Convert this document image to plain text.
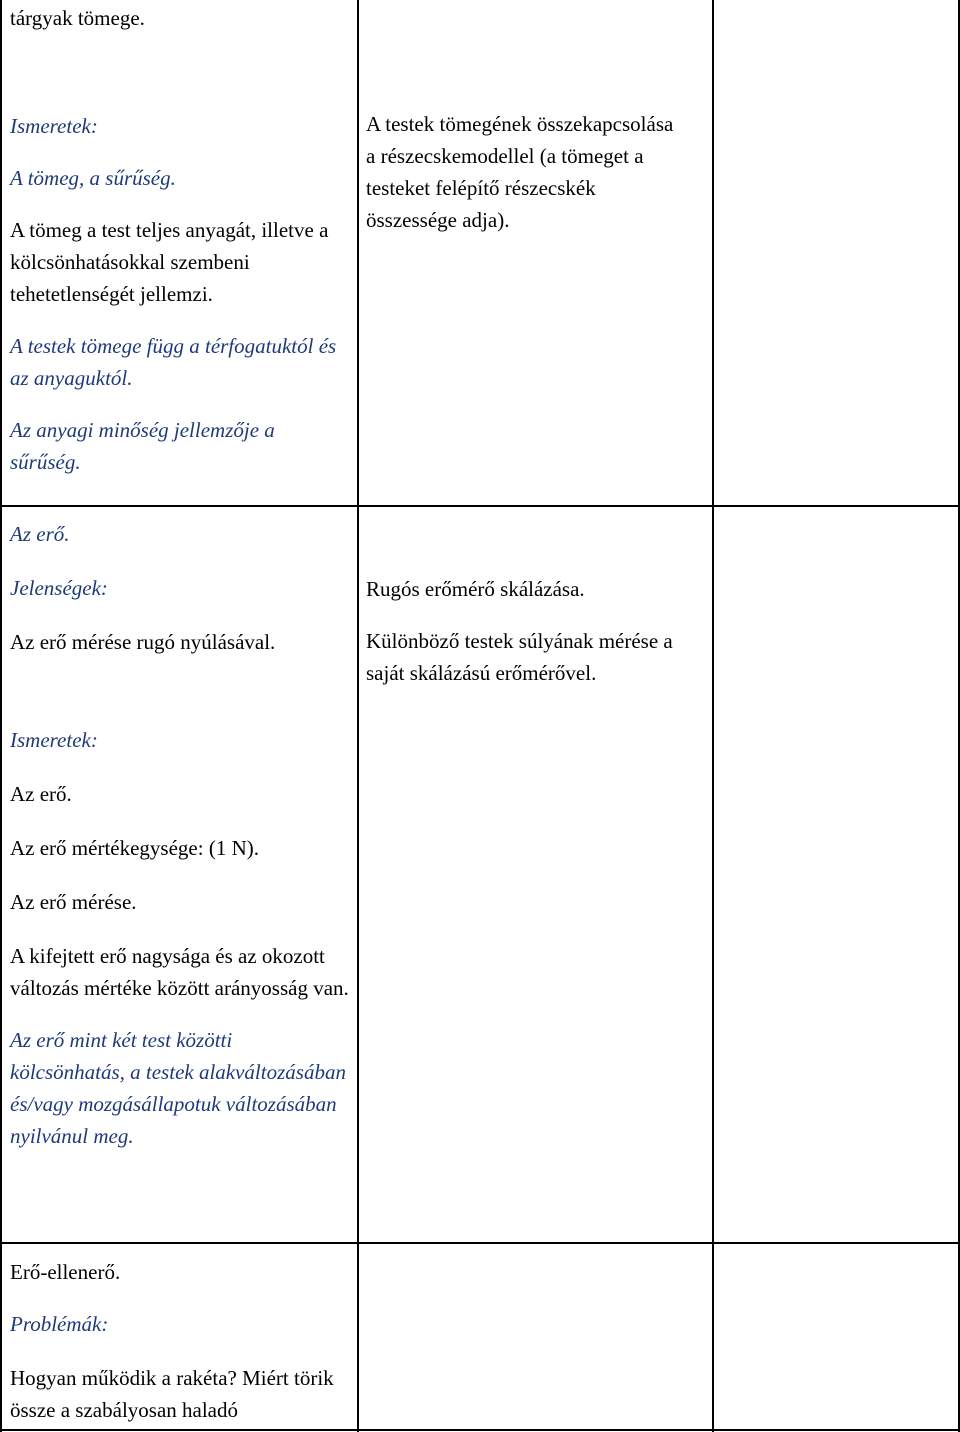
tárgyak tömege.

Ismeretek:

A tömeg, a sűrűség.

A tömeg a test teljes anyagát, illetve a kölcsönhatásokkal szembeni tehetetlenségét jellemzi.

A testek tömege függ a térfogatuktól és az anyaguktól.

Az anyagi minőség jellemzője a sűrűség.

A testek tömegének összekapcsolása a részecskemodellel (a tömeget a testeket felépítő részecskék összessége adja).

Az erő.

Jelenségek:

Az erő mérése rugó nyúlásával.

Ismeretek:

Az erő.

Az erő mértékegysége: (1 N).

Az erő mérése.

A kifejtett erő nagysága és az okozott változás mértéke között arányosság van.

Az erő mint két test közötti kölcsönhatás, a testek alakváltozásában és/vagy mozgásállapotuk változásában nyilvánul meg.

Rugós erőmérő skálázása.

Különböző testek súlyának mérése a saját skálázású erőmérővel.

Erő-ellenerő.

Problémák:

Hogyan működik a rakéta? Miért törik össze a szabályosan haladó
